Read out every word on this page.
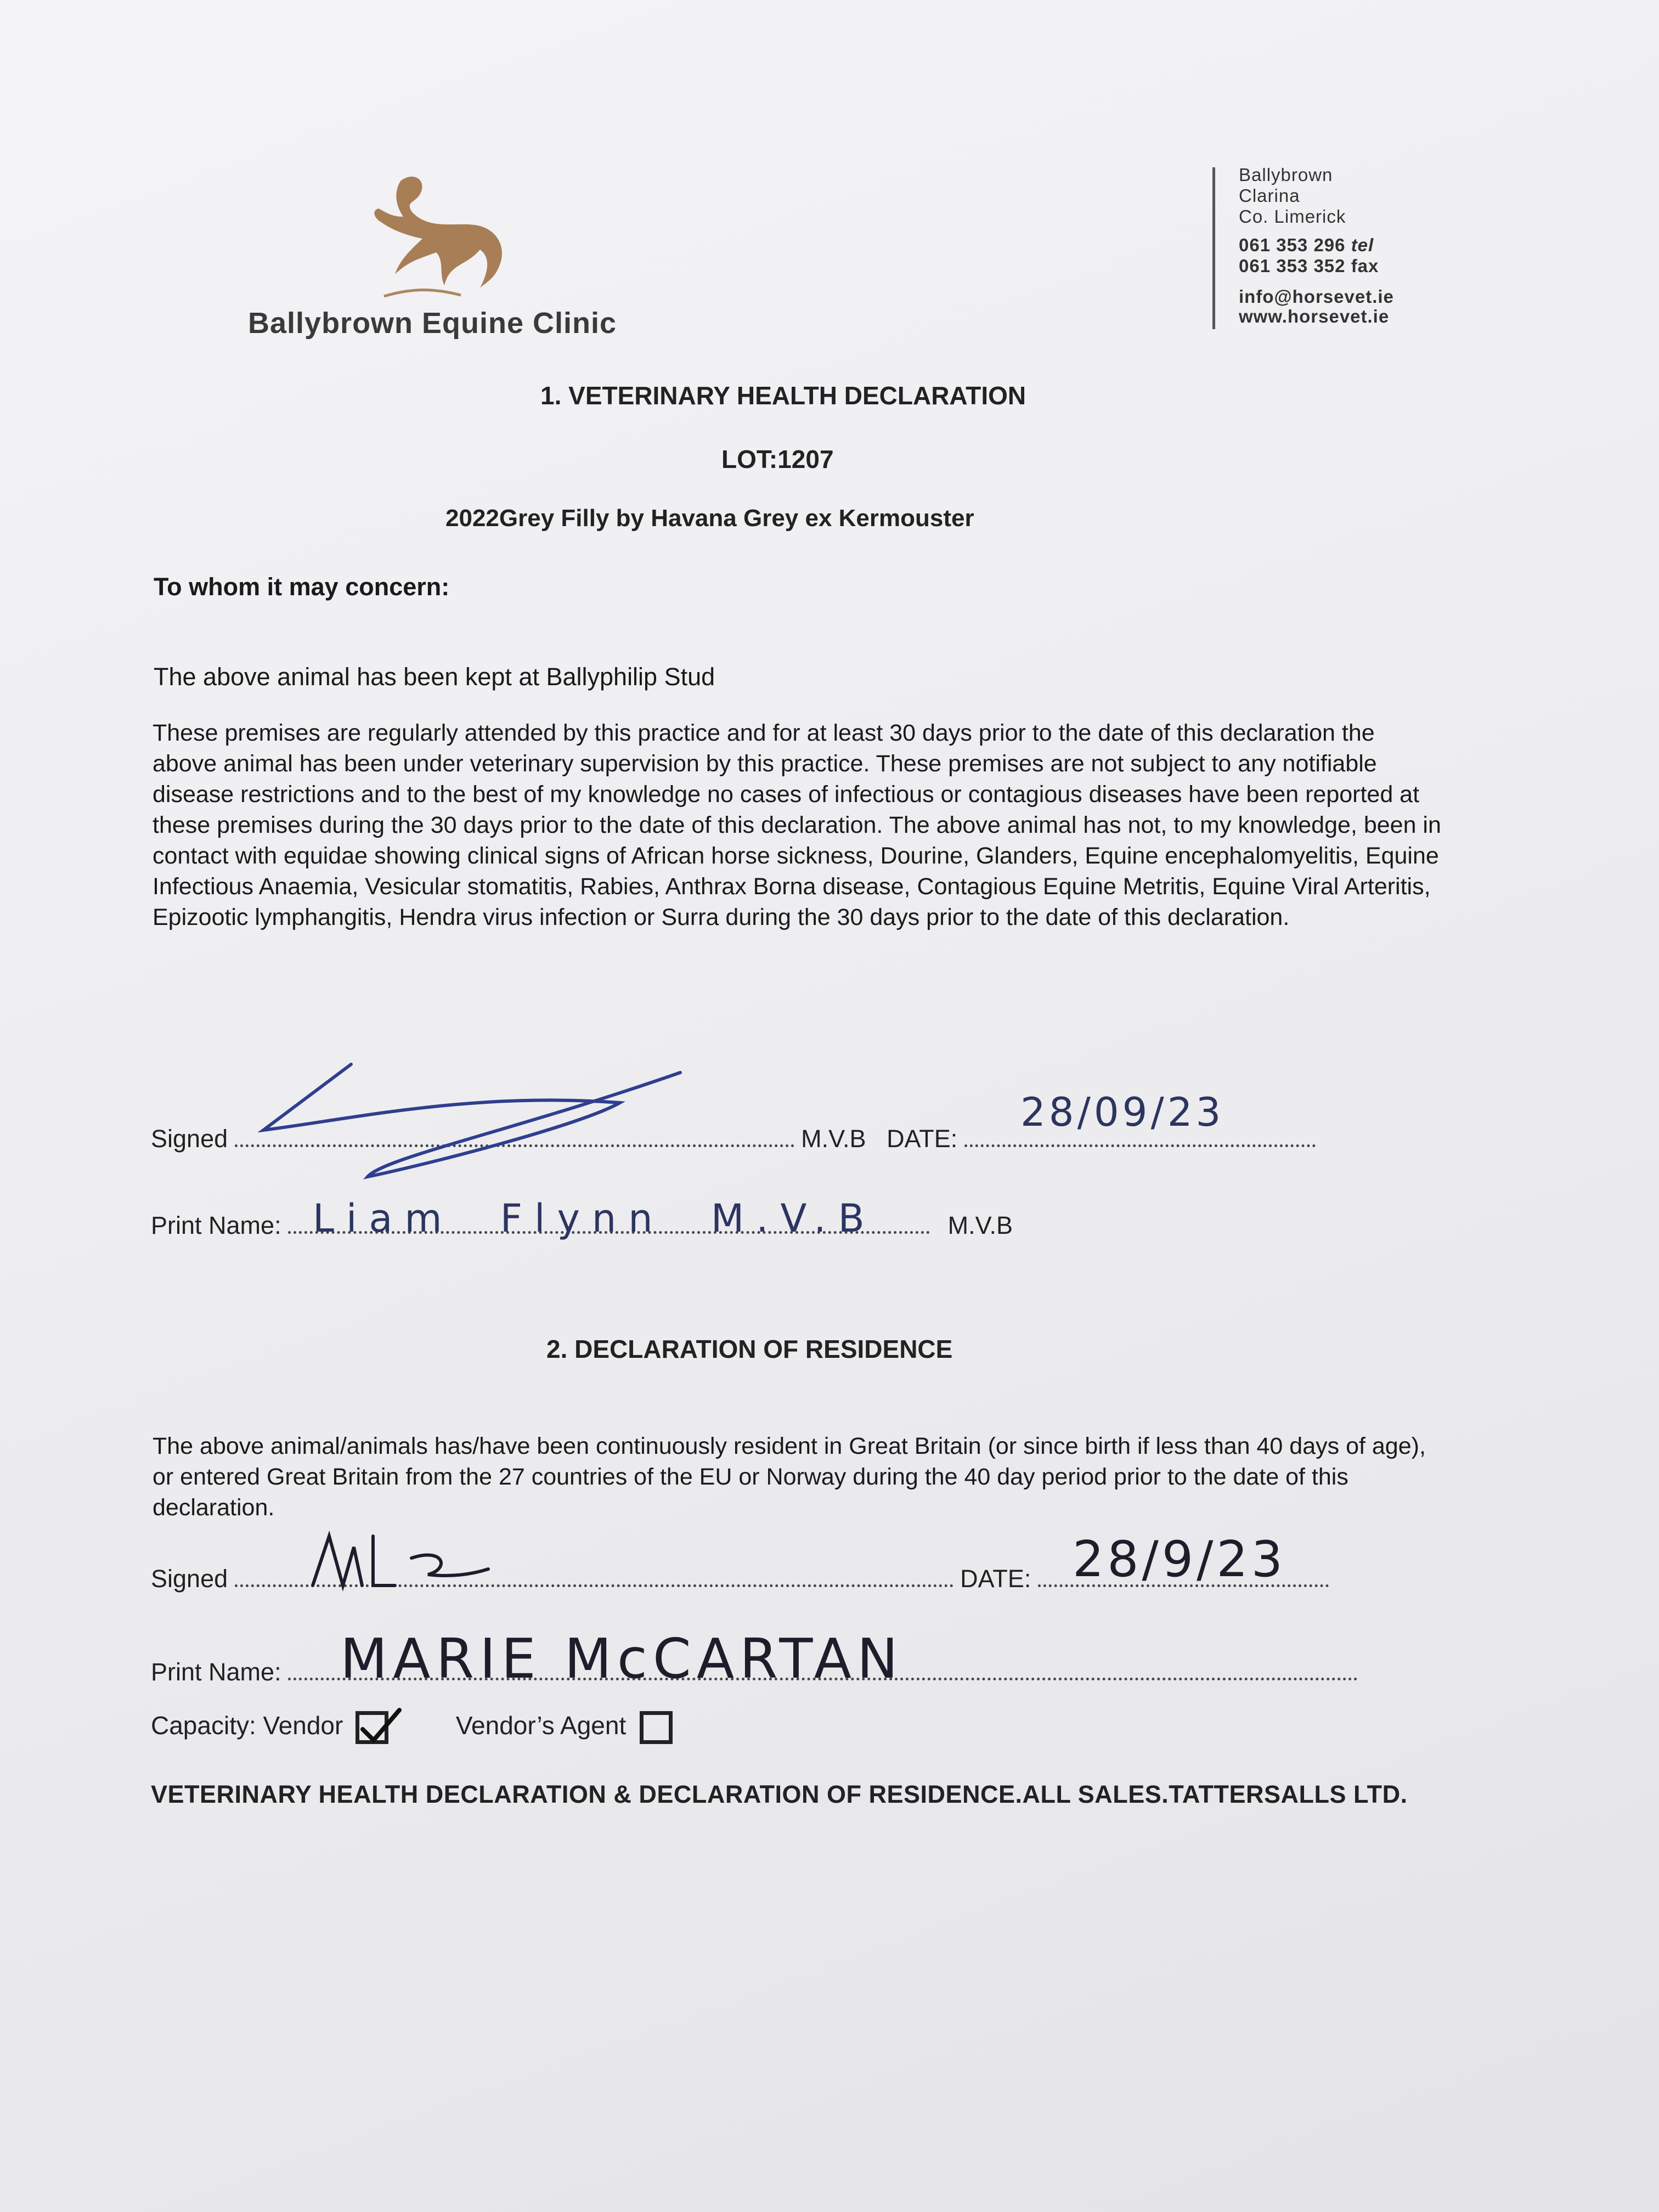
Ballybrown Equine Clinic
Ballybrown
Clarina
Co. Limerick
061 353 296 tel
061 353 352 fax
info@horsevet.ie
www.horsevet.ie
1. VETERINARY HEALTH DECLARATION
LOT:1207
2022Grey Filly by Havana Grey ex Kermouster
To whom it may concern:
The above animal has been kept at Ballyphilip Stud
These premises are regularly attended by this practice and for at least 30 days prior to the date of this declaration the above animal has been under veterinary supervision by this practice. These premises are not subject to any notifiable disease restrictions and to the best of my knowledge no cases of infectious or contagious diseases have been reported at these premises during the 30 days prior to the date of this declaration. The above animal has not, to my knowledge, been in contact with equidae showing clinical signs of African horse sickness, Dourine, Glanders, Equine encephalomyelitis, Equine Infectious Anaemia, Vesicular stomatitis, Rabies, Anthrax Borna disease, Contagious Equine Metritis, Equine Viral Arteritis, Epizootic lymphangitis, Hendra virus infection or Surra during the 30 days prior to the date of this declaration.
Signed	M.V.B DATE:
28/09/23
Print Name:	M.V.B
Liam Flynn M.V.B
2. DECLARATION OF RESIDENCE
The above animal/animals has/have been continuously resident in Great Britain (or since birth if less than 40 days of age), or entered Great Britain from the 27 countries of the EU or Norway during the 40 day period prior to the date of this declaration.
Signed	DATE: 28/9/23
Print Name:	MARIE McCARTAN
Capacity: Vendor	Vendor’s Agent
VETERINARY HEALTH DECLARATION & DECLARATION OF RESIDENCE.ALL SALES.TATTERSALLS LTD.
